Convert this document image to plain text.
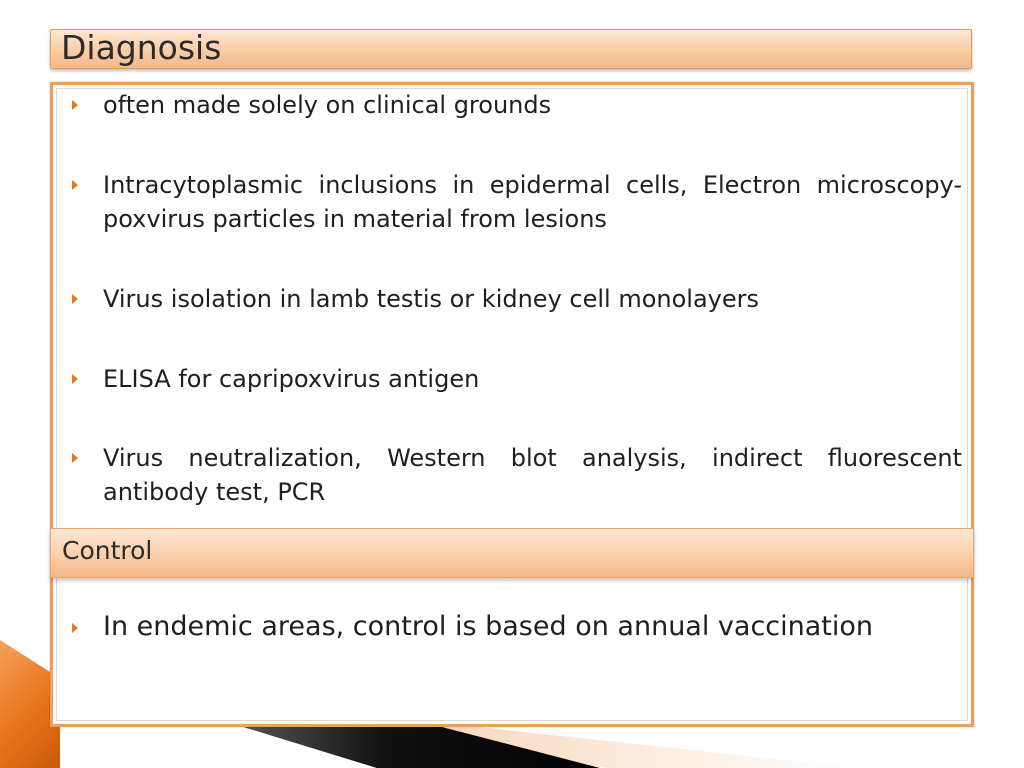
Diagnosis
often made solely on clinical grounds
Intracytoplasmic inclusions in epidermal cells, Electron microscopy- poxvirus particles in material from lesions
Virus isolation in lamb testis or kidney cell monolayers
ELISA for capripoxvirus antigen
Virus neutralization, Western blot analysis, indirect fluorescent antibody test, PCR
Control
In endemic areas, control is based on annual vaccination
